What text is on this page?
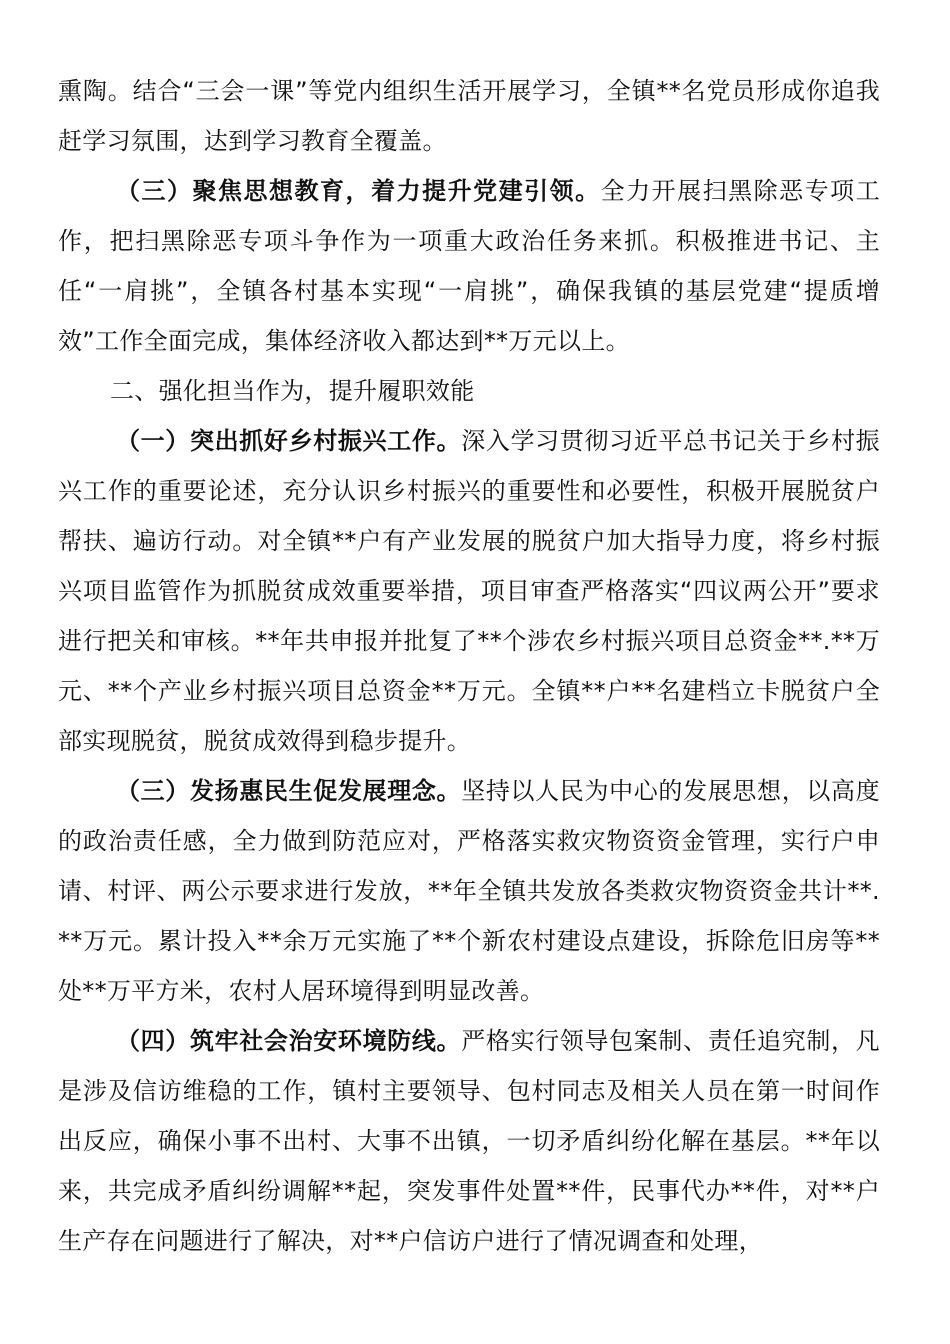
熏陶。结合“三会一课”等党内组织生活开展学习，全镇**名党员形成你追我赶学习氛围，达到学习教育全覆盖。

（三）聚焦思想教育，着力提升党建引领。全力开展扫黑除恶专项工作，把扫黑除恶专项斗争作为一项重大政治任务来抓。积极推进书记、主任“一肩挑”，全镇各村基本实现“一肩挑”，确保我镇的基层党建“提质增效”工作全面完成，集体经济收入都达到**万元以上。

二、强化担当作为，提升履职效能

（一）突出抓好乡村振兴工作。深入学习贯彻习近平总书记关于乡村振兴工作的重要论述，充分认识乡村振兴的重要性和必要性，积极开展脱贫户帮扶、遍访行动。对全镇**户有产业发展的脱贫户加大指导力度，将乡村振兴项目监管作为抓脱贫成效重要举措，项目审查严格落实“四议两公开”要求进行把关和审核。**年共申报并批复了**个涉农乡村振兴项目总资金**.**万元、**个产业乡村振兴项目总资金**万元。全镇**户**名建档立卡脱贫户全部实现脱贫，脱贫成效得到稳步提升。

（三）发扬惠民生促发展理念。坚持以人民为中心的发展思想，以高度的政治责任感，全力做到防范应对，严格落实救灾物资资金管理，实行户申请、村评、两公示要求进行发放，**年全镇共发放各类救灾物资资金共计**.**万元。累计投入**余万元实施了**个新农村建设点建设，拆除危旧房等**处**万平方米，农村人居环境得到明显改善。

（四）筑牢社会治安环境防线。严格实行领导包案制、责任追究制，凡是涉及信访维稳的工作，镇村主要领导、包村同志及相关人员在第一时间作出反应，确保小事不出村、大事不出镇，一切矛盾纠纷化解在基层。**年以来，共完成矛盾纠纷调解**起，突发事件处置**件，民事代办**件，对**户生产存在问题进行了解决，对**户信访户进行了情况调查和处理，
